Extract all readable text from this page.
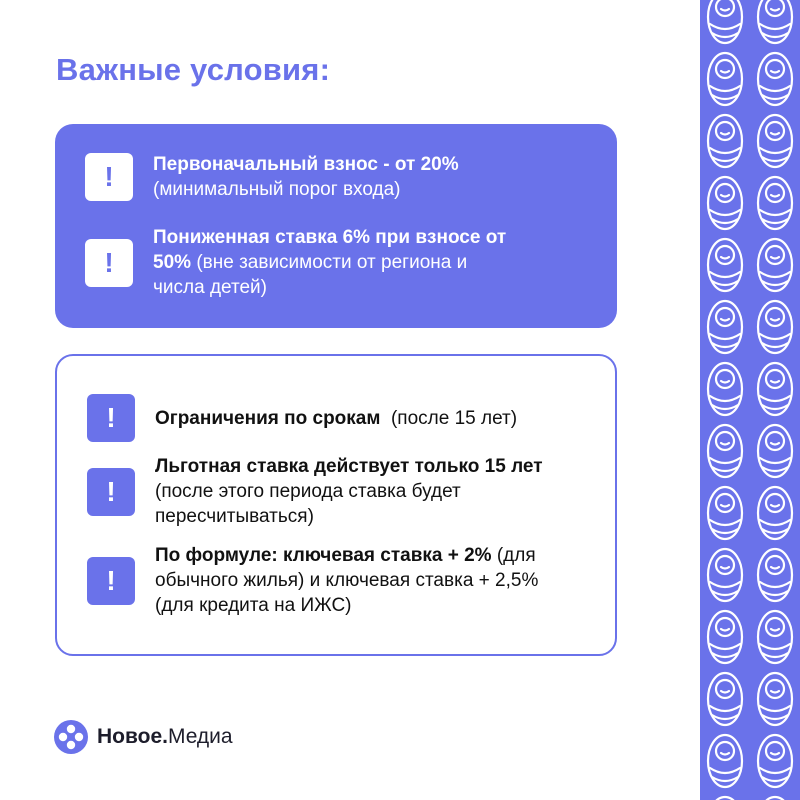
Важные условия:
!	Первоначальный взнос - от 20%
(минимальный порог входа)
!
Пониженная ставка 6% при взносе от 50% (вне зависимости от региона и числа детей)
!	Ограничения по срокам (после 15 лет)
!
Льготная ставка действует только 15 лет (после этого периода ставка будет пересчитываться)
!
По формуле: ключевая ставка + 2% (для обычного жилья) и ключевая ставка + 2,5% (для кредита на ИЖС)
Новое.Медиа
